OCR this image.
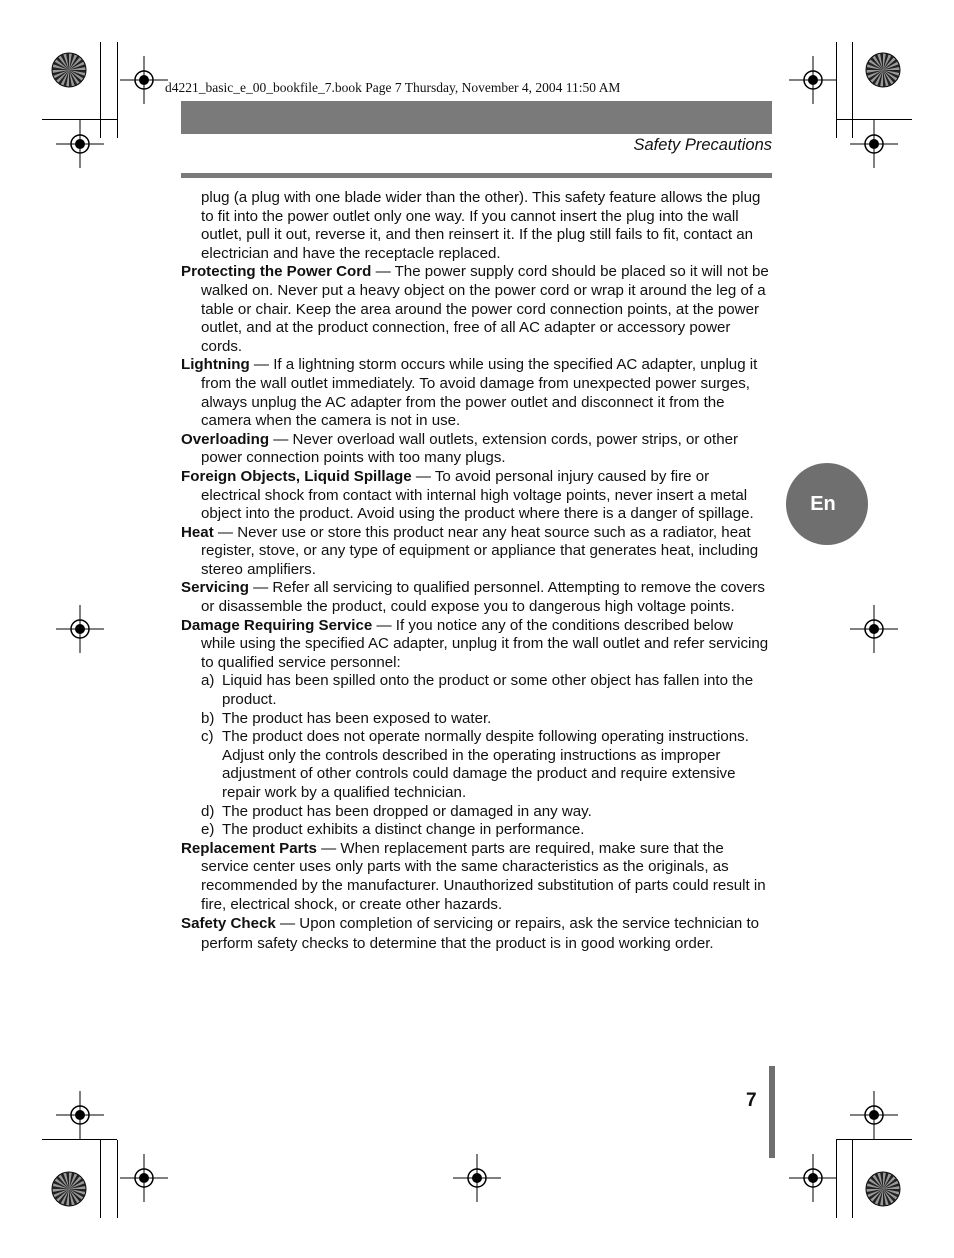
d4221_basic_e_00_bookfile_7.book Page 7 Thursday, November 4, 2004 11:50 AM
Safety Precautions

plug (a plug with one blade wider than the other). This safety feature allows the plug to fit into the power outlet only one way. If you cannot insert the plug into the wall outlet, pull it out, reverse it, and then reinsert it. If the plug still fails to fit, contact an electrician and have the receptacle replaced.

Protecting the Power Cord — The power supply cord should be placed so it will not be walked on. Never put a heavy object on the power cord or wrap it around the leg of a table or chair. Keep the area around the power cord connection points, at the power outlet, and at the product connection, free of all AC adapter or accessory power cords.

Lightning — If a lightning storm occurs while using the specified AC adapter, unplug it from the wall outlet immediately. To avoid damage from unexpected power surges, always unplug the AC adapter from the power outlet and disconnect it from the camera when the camera is not in use.

Overloading — Never overload wall outlets, extension cords, power strips, or other power connection points with too many plugs.

Foreign Objects, Liquid Spillage — To avoid personal injury caused by fire or electrical shock from contact with internal high voltage points, never insert a metal object into the product. Avoid using the product where there is a danger of spillage.

Heat — Never use or store this product near any heat source such as a radiator, heat register, stove, or any type of equipment or appliance that generates heat, including stereo amplifiers.

Servicing — Refer all servicing to qualified personnel. Attempting to remove the covers or disassemble the product, could expose you to dangerous high voltage points.

Damage Requiring Service — If you notice any of the conditions described below while using the specified AC adapter, unplug it from the wall outlet and refer servicing to qualified service personnel:

a) Liquid has been spilled onto the product or some other object has fallen into the product.
b) The product has been exposed to water.
c) The product does not operate normally despite following operating instructions. Adjust only the controls described in the operating instructions as improper adjustment of other controls could damage the product and require extensive repair work by a qualified technician.
d) The product has been dropped or damaged in any way.
e) The product exhibits a distinct change in performance.

Replacement Parts — When replacement parts are required, make sure that the service center uses only parts with the same characteristics as the originals, as recommended by the manufacturer. Unauthorized substitution of parts could result in fire, electrical shock, or create other hazards.

Safety Check — Upon completion of servicing or repairs, ask the service technician to perform safety checks to determine that the product is in good working order.

En
7
